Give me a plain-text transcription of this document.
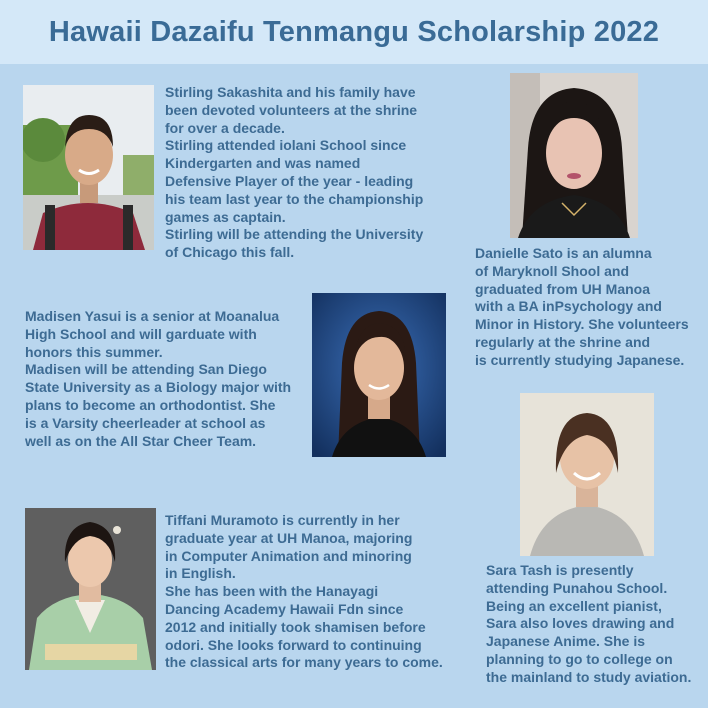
Hawaii Dazaifu Tenmangu Scholarship 2022

Stirling Sakashita and his family have
been devoted volunteers at the shrine
for over a decade.
Stirling attended iolani School since
Kindergarten and was named
Defensive Player of the year - leading
his team last year to the championship
games as captain.
Stirling will be attending the University
of Chicago this fall.	Danielle Sato is an alumna
of Maryknoll Shool and
graduated from UH Manoa
with a BA inPsychology and
Minor in History. She volunteers
regularly at the shrine and
is currently studying Japanese.

Madisen Yasui is a senior at Moanalua
High School and will garduate with
honors this summer.
Madisen will be attending San Diego
State University as a Biology major with
plans to become an orthodontist. She
is a Varsity cheerleader at school as
well as on the All Star Cheer Team.

Sara Tash is presently
attending Punahou School.
Being an excellent pianist,
Sara also loves drawing and
Japanese Anime. She is
planning to go to college on
the mainland to study aviation.

Tiffani Muramoto is currently in her
graduate year at UH Manoa, majoring
in Computer Animation and minoring
in English.
She has been with the Hanayagi
Dancing Academy Hawaii Fdn since
2012 and initially took shamisen before
odori. She looks forward to continuing
the classical arts for many years to come.
